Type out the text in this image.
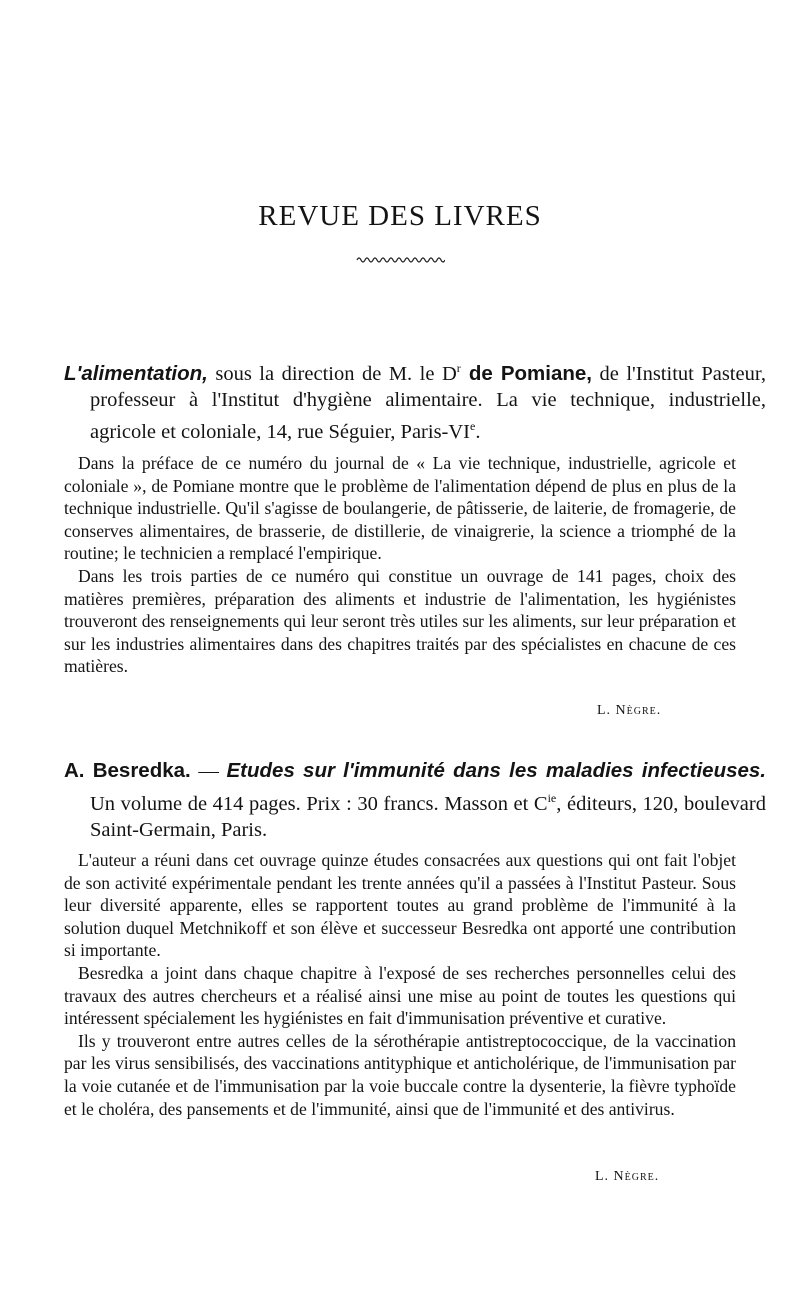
REVUE DES LIVRES

L'alimentation, sous la direction de M. le $D^r$ de Pomiane, de l'Institut Pasteur, professeur à l'Institut d'hygiène alimentaire. La vie technique, industrielle, agricole et coloniale, 14, rue Séguier, Paris-VIe.

Dans la préface de ce numéro du journal de « La vie technique, industrielle, agricole et coloniale », de Pomiane montre que le problème de l'alimentation dépend de plus en plus de la technique industrielle. Qu'il s'agisse de boulangerie, de pâtisserie, de laiterie, de fromagerie, de conserves alimentaires, de brasserie, de distillerie, de vinaigrerie, la science a triomphé de la routine; le technicien a remplacé l'empirique.

Dans les trois parties de ce numéro qui constitue un ouvrage de 141 pages, choix des matières premières, préparation des aliments et industrie de l'alimentation, les hygiénistes trouveront des renseignements qui leur seront très utiles sur les aliments, sur leur préparation et sur les industries alimentaires dans des chapitres traités par des spécialistes en chacune de ces matières.

L. Nègre.

A. Besredka. — Etudes sur l'immunité dans les maladies infectieuses. Un volume de 414 pages. Prix : 30 francs. Masson et $C^{ie}$, éditeurs, 120, boulevard Saint-Germain, Paris.

L'auteur a réuni dans cet ouvrage quinze études consacrées aux questions qui ont fait l'objet de son activité expérimentale pendant les trente années qu'il a passées à l'Institut Pasteur. Sous leur diversité apparente, elles se rapportent toutes au grand problème de l'immunité à la solution duquel Metchnikoff et son élève et successeur Besredka ont apporté une contribution si importante.

Besredka a joint dans chaque chapitre à l'exposé de ses recherches personnelles celui des travaux des autres chercheurs et a réalisé ainsi une mise au point de toutes les questions qui intéressent spécialement les hygiénistes en fait d'immunisation préventive et curative.

Ils y trouveront entre autres celles de la sérothérapie antistreptococcique, de la vaccination par les virus sensibilisés, des vaccinations antityphique et anticholérique, de l'immunisation par la voie cutanée et de l'immunisation par la voie buccale contre la dysenterie, la fièvre typhoïde et le choléra, des pansements et de l'immunité, ainsi que de l'immunité et des antivirus.

L. Nègre.
